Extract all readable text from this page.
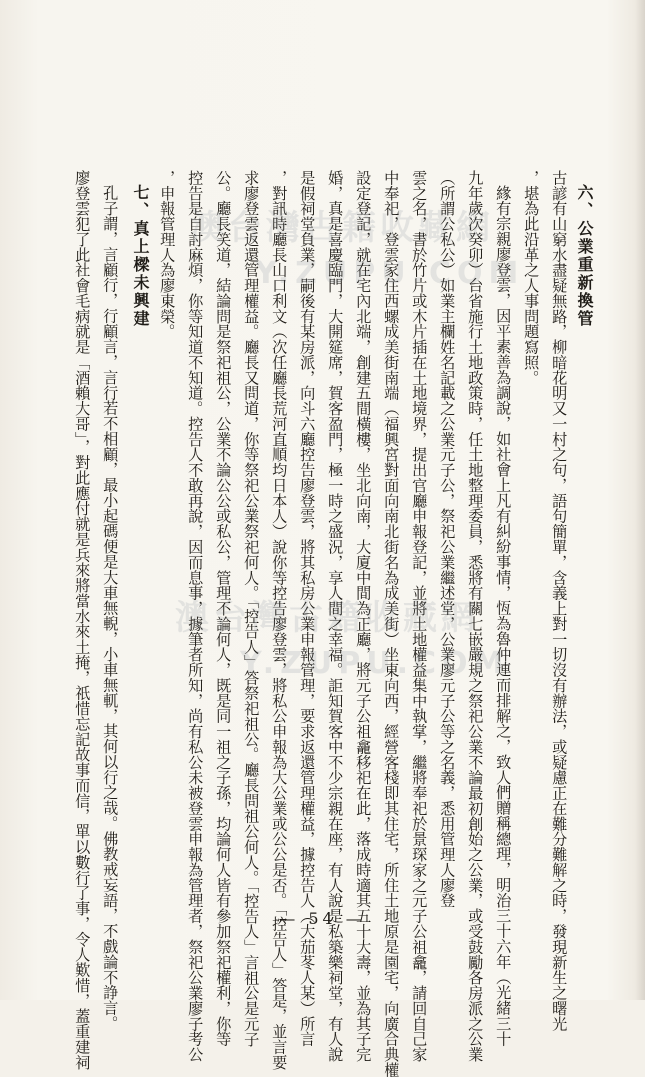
六、公業重新換管
古諺有山窮水盡疑無路，柳暗花明又一村之句，語句簡單，含義上對一切沒有辦法，或疑慮正在難分難解之時，發現新生之曙光
，堪為此沿革之人事問題寫照。
緣有宗親廖登雲，因平素善為調說，如社會上凡有糾紛事情，恆為魯仲連而排解之，致人們贈稱總理，明治三十六年（光緒三十
九年歲次癸卯）台省施行土地政策時，任土地整理委員，悉將有關七嵌嚴規之祭祀公業不論最初創始之公業，或受鼓勵各房派之公業
（所謂公私公）如業主欄姓名記載之公業元子公，祭祀公業繼述堂，公業廖元子公等之名義，悉用管理人廖登
雲之名，書於竹片或木片插在土地境界，提出官廳申報登記，並將土地權益集中執掌，繼將奉祀於景琛家之元子公祖龕，請回自己家
中奉祀，登雲家住西螺成美街南端（福興宮對面向南北街名為成美街）坐東向西，經營客棧即其住宅，所住土地原是園宅，向廣合典權
設定登記，就在宅內北端，創建五間橫樓，坐北向南，大廈中間為正廳，將元子公祖龕移祀在此，落成時適其五十大壽，並為其子完
婚，真是喜慶臨門，大開筵席，賀客盈門，極一時之盛況，享人間之幸福。詎知賀客中不少宗親在座，有人說是私築樂祠堂，有人說
是假祠堂負業，嗣後有某房派，向斗六廳控告廖登雲，將其私房公業申報管理，要求返還管理權益，據控告人（大茄苳人某）所言
，對訊時廳長山口利文（次任廳長荒河直順均日本人）說你等控告廖登雲，將私公申報為大公業或公公是否。「控告人」答是，並言要
求廖登雲返還管理權益。廳長又問道，你等祭祀公業祭祀何人。「控告人」答祭祀祖公。廳長問祖公何人。「控告人」言祖公是元子
公。廳長笑道，結論問是祭祀祖公，公業不論公公或私公，管理不論何人，既是同一祖之子孫，均論何人皆有參加祭祀權利，你等
控告是自討麻煩，你等知道不知道。控告人不敢再說，因而息事，據筆者所知，尚有私公未被登雲申報為管理者，祭祀公業廖子考公
，申報管理人為廖東榮。
七、真上樑未興建
孔子謂，言顧行，行顧言，言行若不相顧，最小起碼便是大車無輗，小車無軏，其何以行之哉。佛教戒妄語，不戲論不諍言。
廖登雲犯了此社會毛病就是「酒賴大哥」，對此應付就是兵來將當水來土掩，祇惜忘記故事而信，單以數行了事，令人歎惜，蓋重建祠	澳台灣古籍收藏網
Y.ZUPU.COM
澳台灣古籍收藏網
Y.ZUPU.COM
— 54 —
